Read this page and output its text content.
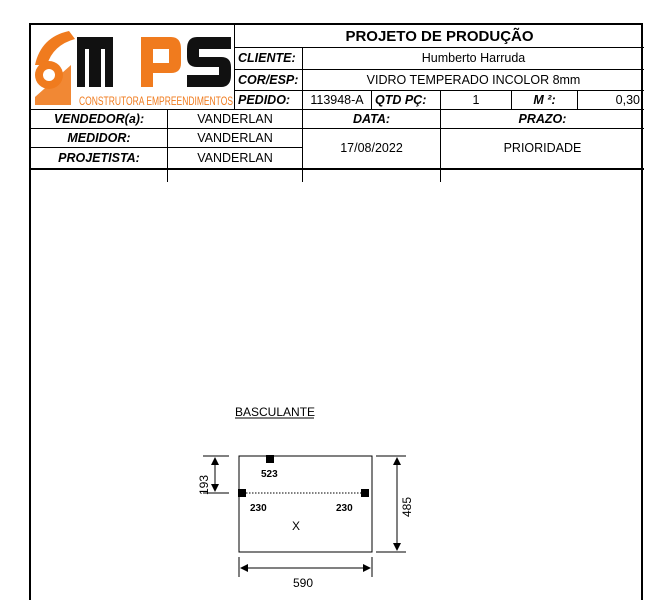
CONSTRUTORA EMPREENDIMENTOS
PROJETO DE PRODUÇÃO
CLIENTE:	Humberto Harruda
COR/ESP:	VIDRO TEMPERADO INCOLOR 8mm
PEDIDO:	113948-A QTD PÇ:	1	M ²:	0,30
VENDEDOR(a):	VANDERLAN
MEDIDOR:	VANDERLAN
PROJETISTA:	VANDERLAN
DATA:
17/08/2022
PRAZO:
PRIORIDADE
BASCULANTE
523
230	230
X
193
485
590
